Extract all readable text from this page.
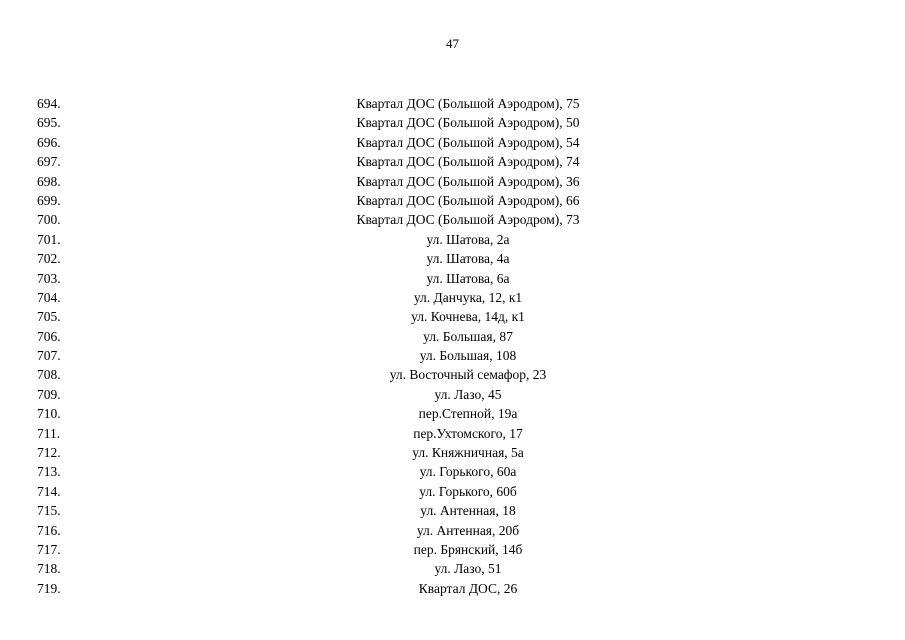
47
694.	Квартал ДОС (Большой Аэродром), 75
695.	Квартал ДОС (Большой Аэродром), 50
696.	Квартал ДОС (Большой Аэродром), 54
697.	Квартал ДОС (Большой Аэродром), 74
698.	Квартал ДОС (Большой Аэродром), 36
699.	Квартал ДОС (Большой Аэродром), 66
700.	Квартал ДОС (Большой Аэродром), 73
701.	ул. Шатова, 2а
702.	ул. Шатова, 4а
703.	ул. Шатова, 6а
704.	ул. Данчука, 12, к1
705.	ул. Кочнева, 14д, к1
706.	ул. Большая, 87
707.	ул. Большая, 108
708.	ул. Восточный семафор, 23
709.	ул. Лазо, 45
710.	пер.Степной, 19а
711.	пер.Ухтомского, 17
712.	ул. Княжничная, 5а
713.	ул. Горького, 60а
714.	ул. Горького, 60б
715.	ул. Антенная, 18
716.	ул. Антенная, 20б
717.	пер. Брянский, 14б
718.	ул. Лазо, 51
719.	Квартал ДОС, 26
